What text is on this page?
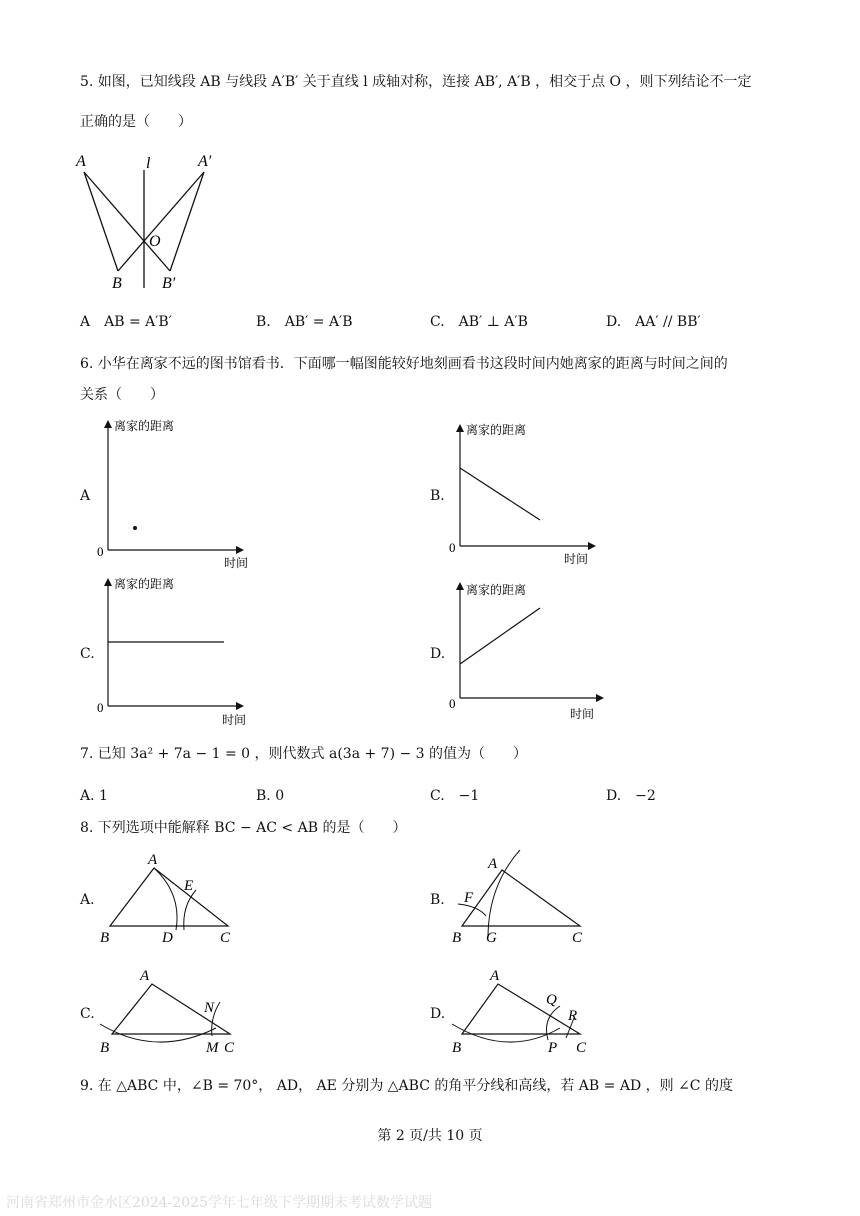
5. 如图，已知线段 AB 与线段 A′B′ 关于直线 l 成轴对称，连接 AB′, A′B ，相交于点 O ，则下列结论不一定
正确的是（　　）
A	l	A′
O
B	B′
A　AB = A′B′	B.　AB′ = A′B	C.　AB′ ⊥ A′B	D.　AA′ // BB′
6. 小华在离家不远的图书馆看书．下面哪一幅图能较好地刻画看书这段时间内她离家的距离与时间之间的
关系（　　）
A
离家的距离
时间
0
B.
离家的距离
时间
0
C.
离家的距离
时间
0
D.
离家的距离
时间
0
7. 已知 3a² + 7a − 1 = 0 ，则代数式 a(3a + 7) − 3 的值为（　　）
A. 1	B. 0	C.　−1	D.　−2
8. 下列选项中能解释 BC − AC < AB 的是（　　）
A.
A
E
B	D	C
B.
A
F
B G	C
C.
A
N
B	M C
D.
A
Q
R
B	P C
9. 在 △ABC 中，∠B = 70°， AD， AE 分别为 △ABC 的角平分线和高线，若 AB = AD ，则 ∠C 的度
第 2 页/共 10 页
河南省郑州市金水区2024-2025学年七年级下学期期末考试数学试题
